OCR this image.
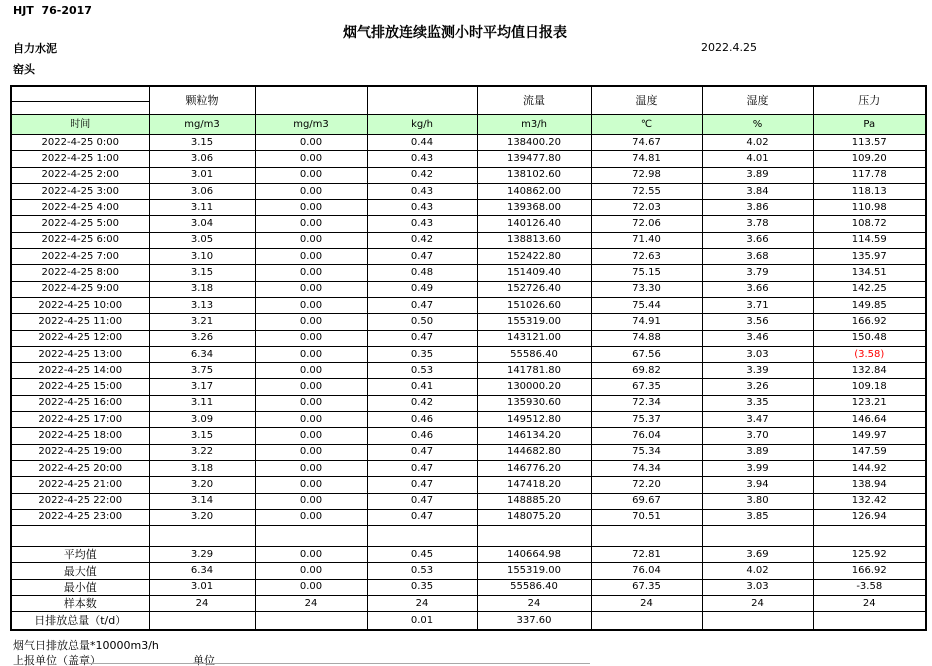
HJT  76-2017
烟气排放连续监测小时平均值日报表
自力水泥
窑头
2022.4.25
	颗粒物			流量	温度	湿度	压力
时间	mg/m3	mg/m3	kg/h	m3/h	℃	%	Pa
2022-4-25 0:00	3.15	0.00	0.44	138400.20	74.67	4.02	113.57
2022-4-25 1:00	3.06	0.00	0.43	139477.80	74.81	4.01	109.20
2022-4-25 2:00	3.01	0.00	0.42	138102.60	72.98	3.89	117.78
2022-4-25 3:00	3.06	0.00	0.43	140862.00	72.55	3.84	118.13
2022-4-25 4:00	3.11	0.00	0.43	139368.00	72.03	3.86	110.98
2022-4-25 5:00	3.04	0.00	0.43	140126.40	72.06	3.78	108.72
2022-4-25 6:00	3.05	0.00	0.42	138813.60	71.40	3.66	114.59
2022-4-25 7:00	3.10	0.00	0.47	152422.80	72.63	3.68	135.97
2022-4-25 8:00	3.15	0.00	0.48	151409.40	75.15	3.79	134.51
2022-4-25 9:00	3.18	0.00	0.49	152726.40	73.30	3.66	142.25
2022-4-25 10:00	3.13	0.00	0.47	151026.60	75.44	3.71	149.85
2022-4-25 11:00	3.21	0.00	0.50	155319.00	74.91	3.56	166.92
2022-4-25 12:00	3.26	0.00	0.47	143121.00	74.88	3.46	150.48
2022-4-25 13:00	6.34	0.00	0.35	55586.40	67.56	3.03	(3.58)
2022-4-25 14:00	3.75	0.00	0.53	141781.80	69.82	3.39	132.84
2022-4-25 15:00	3.17	0.00	0.41	130000.20	67.35	3.26	109.18
2022-4-25 16:00	3.11	0.00	0.42	135930.60	72.34	3.35	123.21
2022-4-25 17:00	3.09	0.00	0.46	149512.80	75.37	3.47	146.64
2022-4-25 18:00	3.15	0.00	0.46	146134.20	76.04	3.70	149.97
2022-4-25 19:00	3.22	0.00	0.47	144682.80	75.34	3.89	147.59
2022-4-25 20:00	3.18	0.00	0.47	146776.20	74.34	3.99	144.92
2022-4-25 21:00	3.20	0.00	0.47	147418.20	72.20	3.94	138.94
2022-4-25 22:00	3.14	0.00	0.47	148885.20	69.67	3.80	132.42
2022-4-25 23:00	3.20	0.00	0.47	148075.20	70.51	3.85	126.94

平均值	3.29	0.00	0.45	140664.98	72.81	3.69	125.92
最大值	6.34	0.00	0.53	155319.00	76.04	4.02	166.92
最小值	3.01	0.00	0.35	55586.40	67.35	3.03	-3.58
样本数	24	24	24	24	24	24	24
日排放总量（t/d）			0.01	337.60			
烟气日排放总量*10000m3/h
上报单位（盖章）	单位
